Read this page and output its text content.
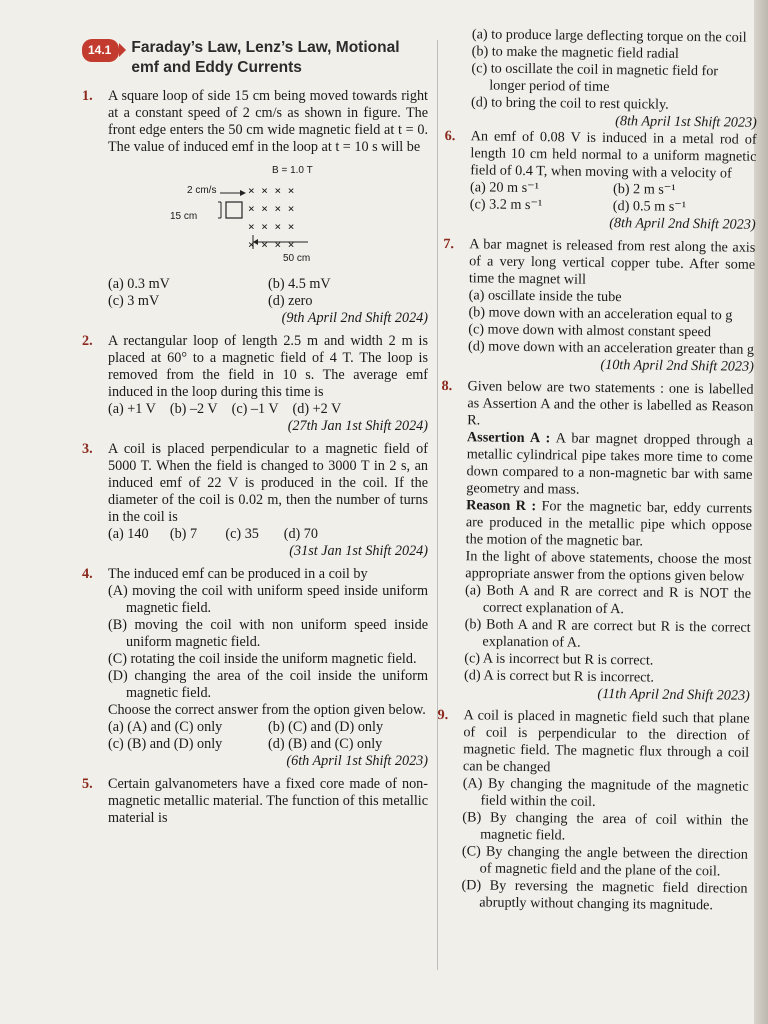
14.1	Faraday’s Law, Lenz’s Law, Motional emf and Eddy Currents
1.	A square loop of side 15 cm being moved towards right at a constant speed of 2 cm/s as shown in figure. The front edge enters the 50 cm wide magnetic field at t = 0. The value of induced emf in the loop at t = 10 s will be
B = 1.0 T
2 cm/s
15 cm
× × × ×
× × × ×
× × × ×
× × × ×
50 cm
(a) 0.3 mV	(b) 4.5 mV
(c) 3 mV	(d) zero
(9th April 2nd Shift 2024)
2.	A rectangular loop of length 2.5 m and width 2 m is placed at 60° to a magnetic field of 4 T. The loop is removed from the field in 10 s. The average emf induced in the loop during this time is
(a) +1 V    (b) –2 V    (c) –1 V    (d) +2 V
(27th Jan 1st Shift 2024)
3.	A coil is placed perpendicular to a magnetic field of 5000 T. When the field is changed to 3000 T in 2 s, an induced emf of 22 V is produced in the coil. If the diameter of the coil is 0.02 m, then the number of turns in the coil is
(a) 140      (b) 7        (c) 35       (d) 70
(31st Jan 1st Shift 2024)
4.	The induced emf can be produced in a coil by
(A) moving the coil with uniform speed inside uniform magnetic field.
(B) moving the coil with non uniform speed inside uniform magnetic field.
(C) rotating the coil inside the uniform magnetic field.
(D) changing the area of the coil inside the uniform magnetic field.
Choose the correct answer from the option given below.
(a) (A) and (C) only	(b) (C) and (D) only
(c) (B) and (D) only	(d) (B) and (C) only
(6th April 1st Shift 2023)
5.	Certain galvanometers have a fixed core made of non-magnetic metallic material. The function of this metallic material is
(a) to produce large deflecting torque on the coil
(b) to make the magnetic field radial
(c) to oscillate the coil in magnetic field for longer period of time
(d) to bring the coil to rest quickly.
(8th April 1st Shift 2023)
6.	An emf of 0.08 V is induced in a metal rod of length 10 cm held normal to a uniform magnetic field of 0.4 T, when moving with a velocity of
(a) 20 m s⁻¹	(b) 2 m s⁻¹
(c) 3.2 m s⁻¹	(d) 0.5 m s⁻¹
(8th April 2nd Shift 2023)
7.	A bar magnet is released from rest along the axis of a very long vertical copper tube. After some time the magnet will
(a) oscillate inside the tube
(b) move down with an acceleration equal to g
(c) move down with almost constant speed
(d) move down with an acceleration greater than g
(10th April 2nd Shift 2023)
8.	Given below are two statements : one is labelled as Assertion A and the other is labelled as Reason R.
Assertion A : A bar magnet dropped through a metallic cylindrical pipe takes more time to come down compared to a non-magnetic bar with same geometry and mass.
Reason R : For the magnetic bar, eddy currents are produced in the metallic pipe which oppose the motion of the magnetic bar.
In the light of above statements, choose the most appropriate answer from the options given below
(a) Both A and R are correct and R is NOT the correct explanation of A.
(b) Both A and R are correct but R is the correct explanation of A.
(c) A is incorrect but R is correct.
(d) A is correct but R is incorrect.
(11th April 2nd Shift 2023)
9.	A coil is placed in magnetic field such that plane of coil is perpendicular to the direction of magnetic field. The magnetic flux through a coil can be changed
(A) By changing the magnitude of the magnetic field within the coil.
(B) By changing the area of coil within the magnetic field.
(C) By changing the angle between the direction of magnetic field and the plane of the coil.
(D) By reversing the magnetic field direction abruptly without changing its magnitude.
